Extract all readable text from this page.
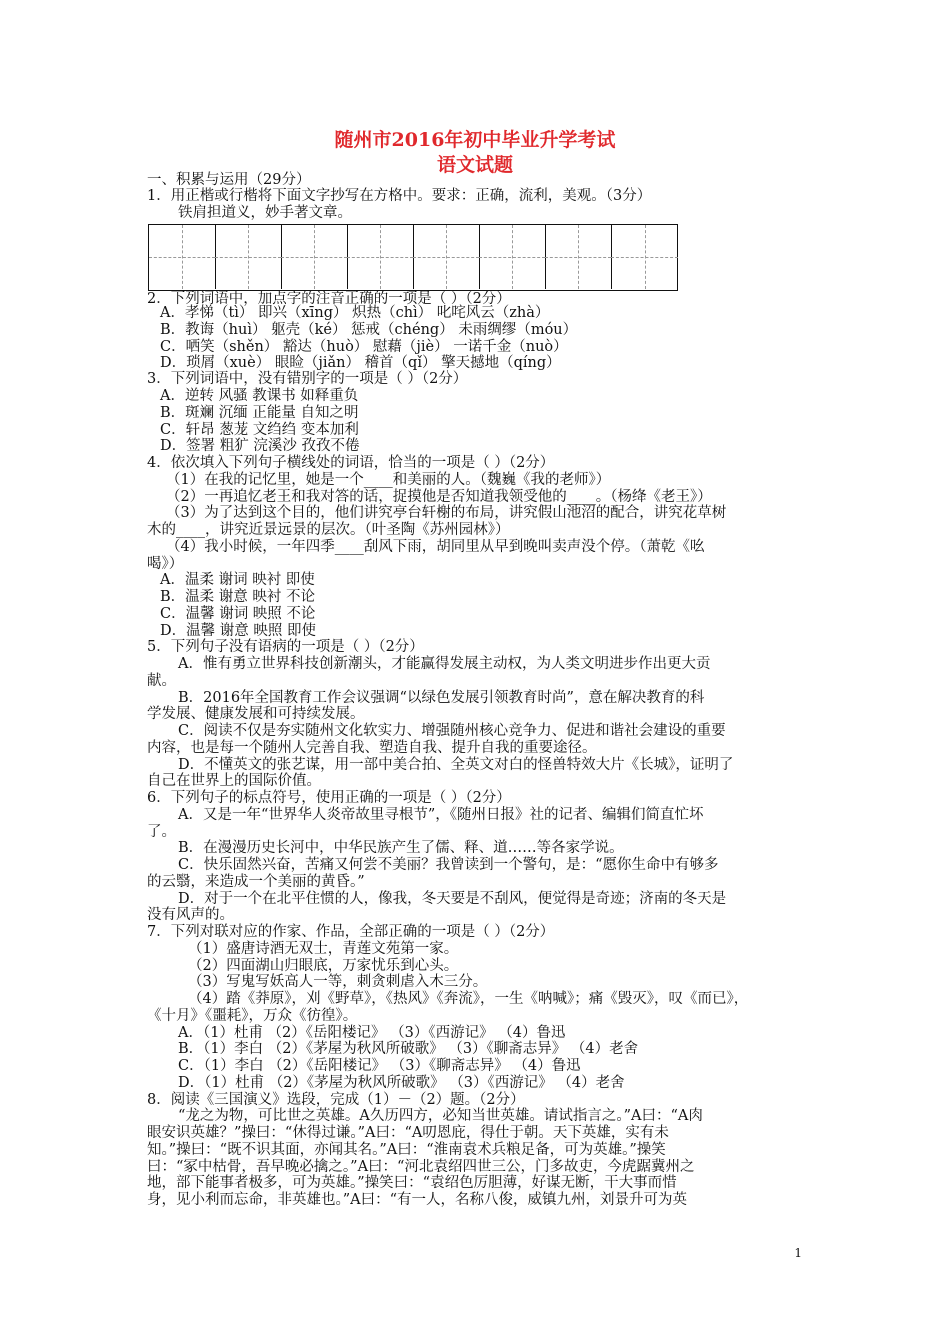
随州市2016年初中毕业升学考试
语文试题
一、积累与运用（29分）
1．用正楷或行楷将下面文字抄写在方格中。要求：正确，流利，美观。（3分）
铁肩担道义，妙手著文章。
2．下列词语中，加点字的注音正确的一项是（ ）（2分）
A．孝悌（tì） 即兴（xīng） 炽热（chì） 叱咤风云（zhà）
B．教诲（huì） 躯壳（ké） 惩戒（chéng） 未雨绸缪（móu）
C．哂笑（shěn） 豁达（huò） 慰藉（jiè） 一诺千金（nuò）
D．琐屑（xuè） 眼睑（jiǎn） 稽首（qǐ） 擎天撼地（qíng）
3．下列词语中，没有错别字的一项是（ ）（2分）
A．逆转 风骚 教课书 如释重负
B．斑斓 沉缅 正能量 自知之明
C．轩昂 葱茏 文绉绉 变本加利
D．签署 粗犷 浣溪沙 孜孜不倦
4．依次填入下列句子横线处的词语，恰当的一项是（ ）（2分）
（1）在我的记忆里，她是一个____和美丽的人。（魏巍《我的老师》）
（2）一再追忆老王和我对答的话，捉摸他是否知道我领受他的____。（杨绛《老王》）
（3）为了达到这个目的，他们讲究亭台轩榭的布局，讲究假山池沼的配合，讲究花草树
木的____，讲究近景远景的层次。（叶圣陶《苏州园林》）
（4）我小时候，一年四季____刮风下雨，胡同里从早到晚叫卖声没个停。（萧乾《吆
喝》）
A．温柔 谢词 映衬 即使
B．温柔 谢意 映衬 不论
C．温馨 谢词 映照 不论
D．温馨 谢意 映照 即使
5．下列句子没有语病的一项是（ ）（2分）
A．惟有勇立世界科技创新潮头，才能赢得发展主动权，为人类文明进步作出更大贡
献。
B．2016年全国教育工作会议强调“以绿色发展引领教育时尚”，意在解决教育的科
学发展、健康发展和可持续发展。
C．阅读不仅是夯实随州文化软实力、增强随州核心竞争力、促进和谐社会建设的重要
内容，也是每一个随州人完善自我、塑造自我、提升自我的重要途径。
D．不懂英文的张艺谋，用一部中美合拍、全英文对白的怪兽特效大片《长城》，证明了
自己在世界上的国际价值。
6．下列句子的标点符号，使用正确的一项是（ ）（2分）
A．又是一年“世界华人炎帝故里寻根节”，《随州日报》社的记者、编辑们简直忙坏
了。
B．在漫漫历史长河中，中华民族产生了儒、释、道……等各家学说。
C．快乐固然兴奋，苦痛又何尝不美丽？我曾读到一个警句，是：“愿你生命中有够多
的云翳，来造成一个美丽的黄昏。”
D．对于一个在北平住惯的人，像我，冬天要是不刮风，便觉得是奇迹；济南的冬天是
没有风声的。
7．下列对联对应的作家、作品，全部正确的一项是（ ）（2分）
（1）盛唐诗酒无双士，青莲文苑第一家。
（2）四面湖山归眼底，万家忧乐到心头。
（3）写鬼写妖高人一等，刺贪刺虐入木三分。
（4）踏《莽原》，刈《野草》，《热风》《奔流》，一生《呐喊》；痛《毁灭》，叹《而已》，
《十月》《噩耗》，万众《彷徨》。
A．（1）杜甫 （2）《岳阳楼记》 （3）《西游记》 （4）鲁迅
B．（1）李白 （2）《茅屋为秋风所破歌》 （3）《聊斋志异》 （4）老舍
C．（1）李白 （2）《岳阳楼记》 （3）《聊斋志异》 （4）鲁迅
D．（1）杜甫 （2）《茅屋为秋风所破歌》 （3）《西游记》 （4）老舍
8．阅读《三国演义》选段，完成（1）－（2）题。（2分）
“龙之为物，可比世之英雄。A久历四方，必知当世英雄。请试指言之。”A曰：“A肉
眼安识英雄？”操曰：“休得过谦。”A曰：“A叨恩庇，得仕于朝。天下英雄，实有未
知。”操曰：“既不识其面，亦闻其名。”A曰：“淮南袁术兵粮足备，可为英雄。”操笑
曰：“冢中枯骨，吾早晚必擒之。”A曰：“河北袁绍四世三公，门多故吏，今虎踞冀州之
地，部下能事者极多，可为英雄。”操笑曰：“袁绍色厉胆薄，好谋无断，干大事而惜
身，见小利而忘命，非英雄也。”A曰：“有一人，名称八俊，威镇九州，刘景升可为英
1
